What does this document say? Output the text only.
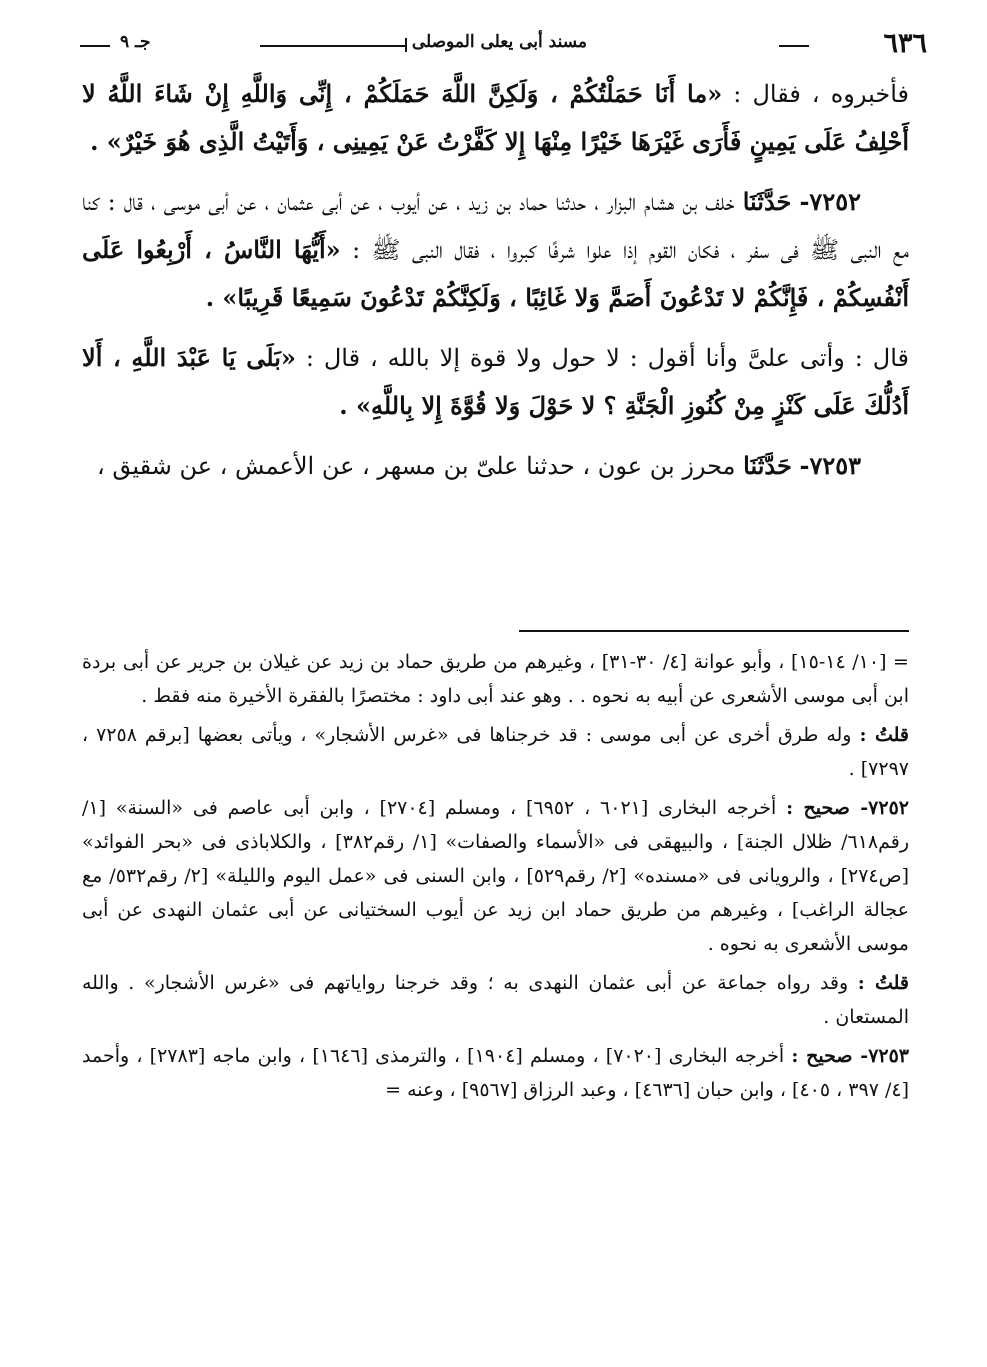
٦٣٦
مسند أبى يعلى الموصلى
جـ ٩

فأخبروه ، فقال : «ما أَنَا حَمَلْتُكُمْ ، وَلَكِنَّ اللَّهَ حَمَلَكُمْ ، إِنِّى وَاللَّهِ إِنْ شَاءَ اللَّهُ لا أَحْلِفُ عَلَى يَمِينٍ فَأَرَى غَيْرَهَا خَيْرًا مِنْهَا إِلا كَفَّرْتُ عَنْ يَمِينِى ، وَأَتَيْتُ الَّذِى هُوَ خَيْرٌ» .

٧٢٥٢- حَدَّثَنَا خلف بن هشام البزار ، حدثنا حماد بن زيد ، عن أيوب ، عن أبى عثمان ، عن أبى موسى ، قال : كنا مع النبى ﷺ فى سفر ، فكان القوم إذا علوا شرفًا كبروا ، فقال النبى ﷺ : «أَيُّهَا النَّاسُ ، أَرْبِعُوا عَلَى أَنْفُسِكُمْ ، فَإِنَّكُمْ لا تَدْعُونَ أَصَمَّ وَلا غَائِبًا ، وَلَكِنَّكُمْ تَدْعُونَ سَمِيعًا قَرِيبًا» .

قال : وأتى علىَّ وأنا أقول : لا حول ولا قوة إلا بالله ، قال : «بَلَى يَا عَبْدَ اللَّهِ ، أَلا أَدُلُّكَ عَلَى كَنْزٍ مِنْ كُنُوزِ الْجَنَّةِ ؟ لا حَوْلَ وَلا قُوَّةَ إِلا بِاللَّهِ» .

٧٢٥٣- حَدَّثَنَا محرز بن عون ، حدثنا علىّ بن مسهر ، عن الأعمش ، عن شقيق ،

= [١٠/ ١٤-١٥] ، وأبو عوانة [٤/ ٣٠-٣١] ، وغيرهم من طريق حماد بن زيد عن غيلان بن جرير عن أبى بردة ابن أبى موسى الأشعرى عن أبيه به نحوه . . وهو عند أبى داود : مختصرًا بالفقرة الأخيرة منه فقط .

قلتُ : وله طرق أخرى عن أبى موسى : قد خرجناها فى «غرس الأشجار» ، ويأتى بعضها [برقم ٧٢٥٨ ، ٧٢٩٧] .

٧٢٥٢- صحيح : أخرجه البخارى [٦٠٢١ ، ٦٩٥٢] ، ومسلم [٢٧٠٤] ، وابن أبى عاصم فى «السنة» [١/ رقم٦١٨/ ظلال الجنة] ، والبيهقى فى «الأسماء والصفات» [١/ رقم٣٨٢] ، والكلاباذى فى «بحر الفوائد» [ص٢٧٤] ، والرويانى فى «مسنده» [٢/ رقم٥٢٩] ، وابن السنى فى «عمل اليوم والليلة» [٢/ رقم٥٣٢/ مع عجالة الراغب] ، وغيرهم من طريق حماد ابن زيد عن أيوب السختيانى عن أبى عثمان النهدى عن أبى موسى الأشعرى به نحوه .

قلتُ : وقد رواه جماعة عن أبى عثمان النهدى به ؛ وقد خرجنا رواياتهم فى «غرس الأشجار» . والله المستعان .

٧٢٥٣- صحيح : أخرجه البخارى [٧٠٢٠] ، ومسلم [١٩٠٤] ، والترمذى [١٦٤٦] ، وابن ماجه [٢٧٨٣] ، وأحمد [٤/ ٣٩٧ ، ٤٠٥] ، وابن حبان [٤٦٣٦] ، وعبد الرزاق [٩٥٦٧] ، وعنه =
